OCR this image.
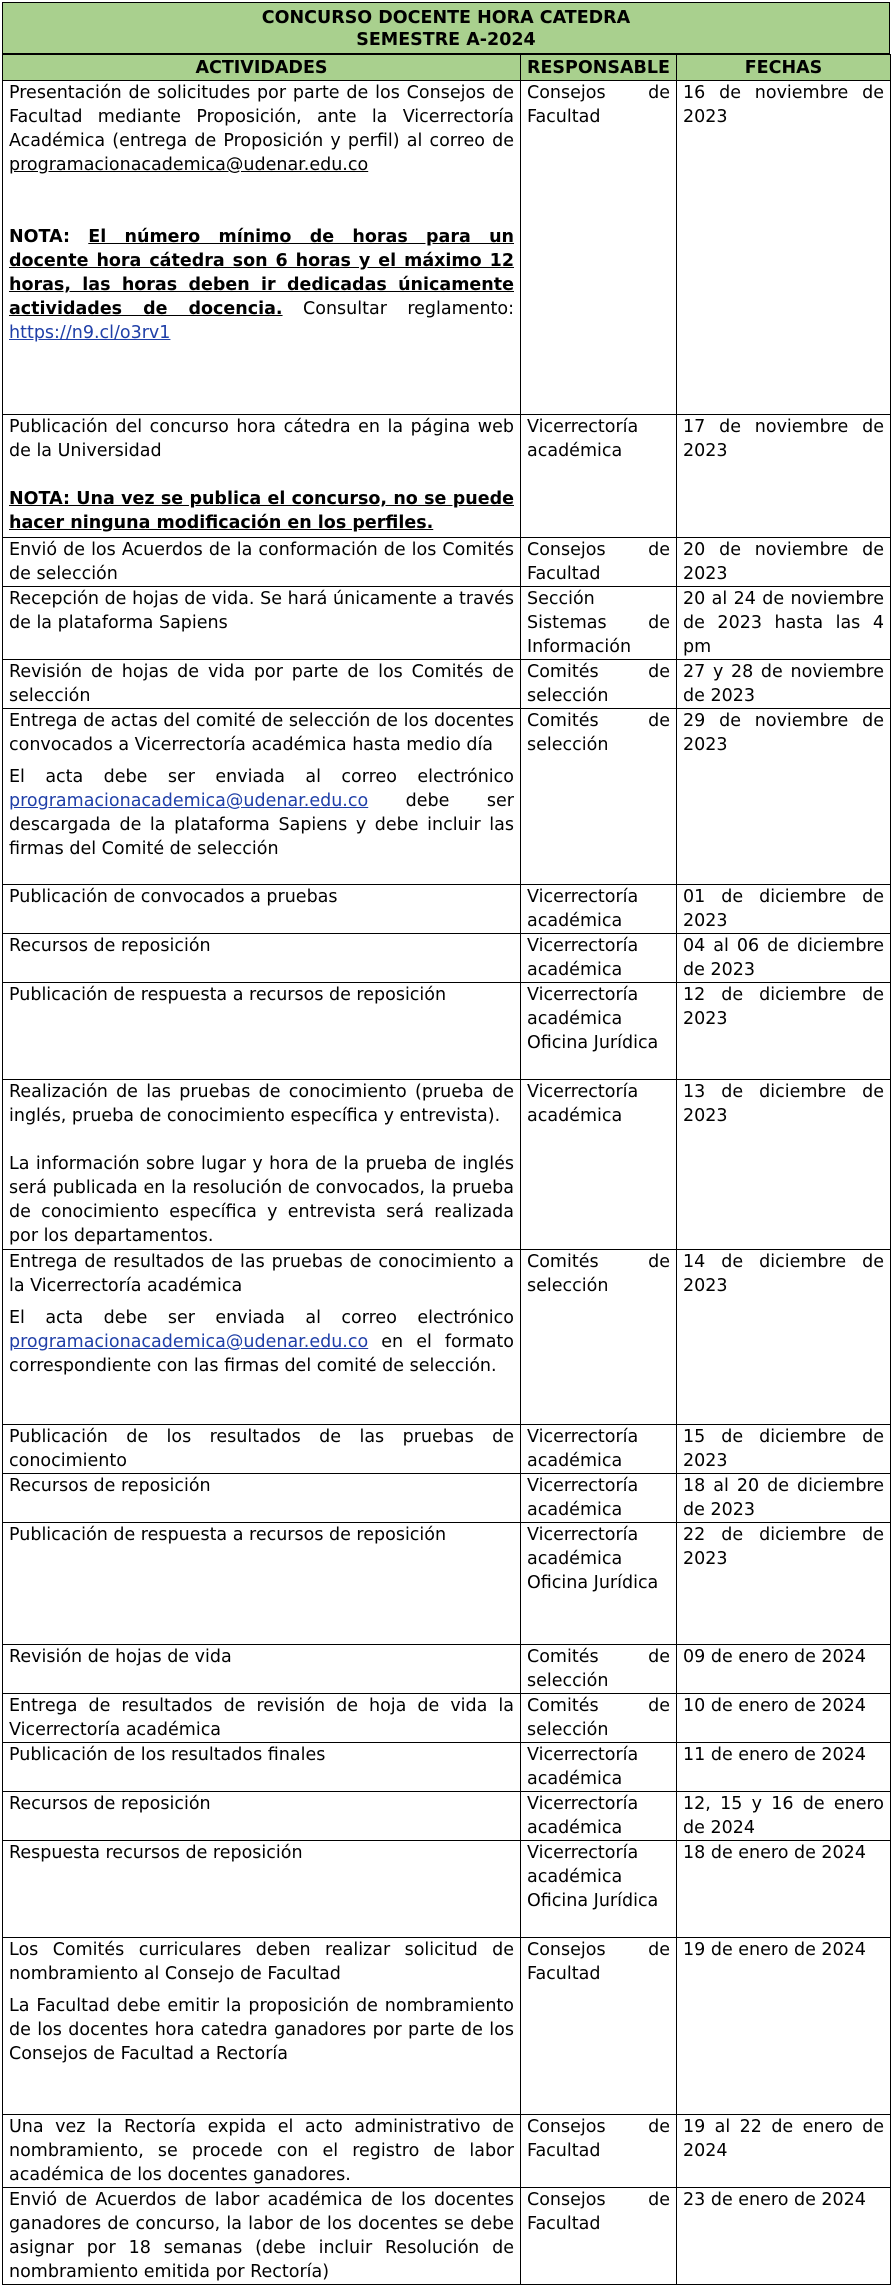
CONCURSO DOCENTE HORA CATEDRA
SEMESTRE A-2024
ACTIVIDADES	RESPONSABLE	FECHAS

Presentación de solicitudes por parte de los Consejos de Facultad mediante Proposición, ante la Vicerrectoría Académica (entrega de Proposición y perfil) al correo de programacionacademica@udenar.edu.co

NOTA: El número mínimo de horas para un docente hora cátedra son 6 horas y el máximo 12 horas, las horas deben ir dedicadas únicamente actividades de docencia. Consultar reglamento: https://n9.cl/o3rv1	Consejos de Facultad	16 de noviembre de 2023

Publicación del concurso hora cátedra en la página web de la Universidad

NOTA: Una vez se publica el concurso, no se puede hacer ninguna modificación en los perfiles.	Vicerrectoría académica	17 de noviembre de 2023
Envió de los Acuerdos de la conformación de los Comités de selección	Consejos de Facultad	20 de noviembre de 2023
Recepción de hojas de vida. Se hará únicamente a través de la plataforma Sapiens	Sección Sistemas de Información	20 al 24 de noviembre de 2023 hasta las 4 pm
Revisión de hojas de vida por parte de los Comités de selección	Comités de selección	27 y 28 de noviembre de 2023

Entrega de actas del comité de selección de los docentes convocados a Vicerrectoría académica hasta medio día

El acta debe ser enviada al correo electrónico programacionacademica@udenar.edu.co debe ser descargada de la plataforma Sapiens y debe incluir las firmas del Comité de selección	Comités de selección	29 de noviembre de 2023
Publicación de convocados a pruebas	Vicerrectoría académica	01 de diciembre de 2023
Recursos de reposición	Vicerrectoría académica	04 al 06 de diciembre de 2023
Publicación de respuesta a recursos de reposición	Vicerrectoría académica Oficina Jurídica	12 de diciembre de 2023

Realización de las pruebas de conocimiento (prueba de inglés, prueba de conocimiento específica y entrevista).

La información sobre lugar y hora de la prueba de inglés será publicada en la resolución de convocados, la prueba de conocimiento específica y entrevista será realizada por los departamentos.	Vicerrectoría académica	13 de diciembre de 2023

Entrega de resultados de las pruebas de conocimiento a la Vicerrectoría académica

El acta debe ser enviada al correo electrónico programacionacademica@udenar.edu.co en el formato correspondiente con las firmas del comité de selección.	Comités de selección	14 de diciembre de 2023
Publicación de los resultados de las pruebas de conocimiento	Vicerrectoría académica	15 de diciembre de 2023
Recursos de reposición	Vicerrectoría académica	18 al 20 de diciembre de 2023
Publicación de respuesta a recursos de reposición	Vicerrectoría académica Oficina Jurídica	22 de diciembre de 2023
Revisión de hojas de vida	Comités de selección	09 de enero de 2024
Entrega de resultados de revisión de hoja de vida la Vicerrectoría académica	Comités de selección	10 de enero de 2024
Publicación de los resultados finales	Vicerrectoría académica	11 de enero de 2024
Recursos de reposición	Vicerrectoría académica	12, 15 y 16 de enero de 2024
Respuesta recursos de reposición	Vicerrectoría académica Oficina Jurídica	18 de enero de 2024

Los Comités curriculares deben realizar solicitud de nombramiento al Consejo de Facultad

La Facultad debe emitir la proposición de nombramiento de los docentes hora catedra ganadores por parte de los Consejos de Facultad a Rectoría	Consejos de Facultad	19 de enero de 2024
Una vez la Rectoría expida el acto administrativo de nombramiento, se procede con el registro de labor académica de los docentes ganadores.	Consejos de Facultad	19 al 22 de enero de 2024
Envió de Acuerdos de labor académica de los docentes ganadores de concurso, la labor de los docentes se debe asignar por 18 semanas (debe incluir Resolución de nombramiento emitida por Rectoría)	Consejos de Facultad	23 de enero de 2024
